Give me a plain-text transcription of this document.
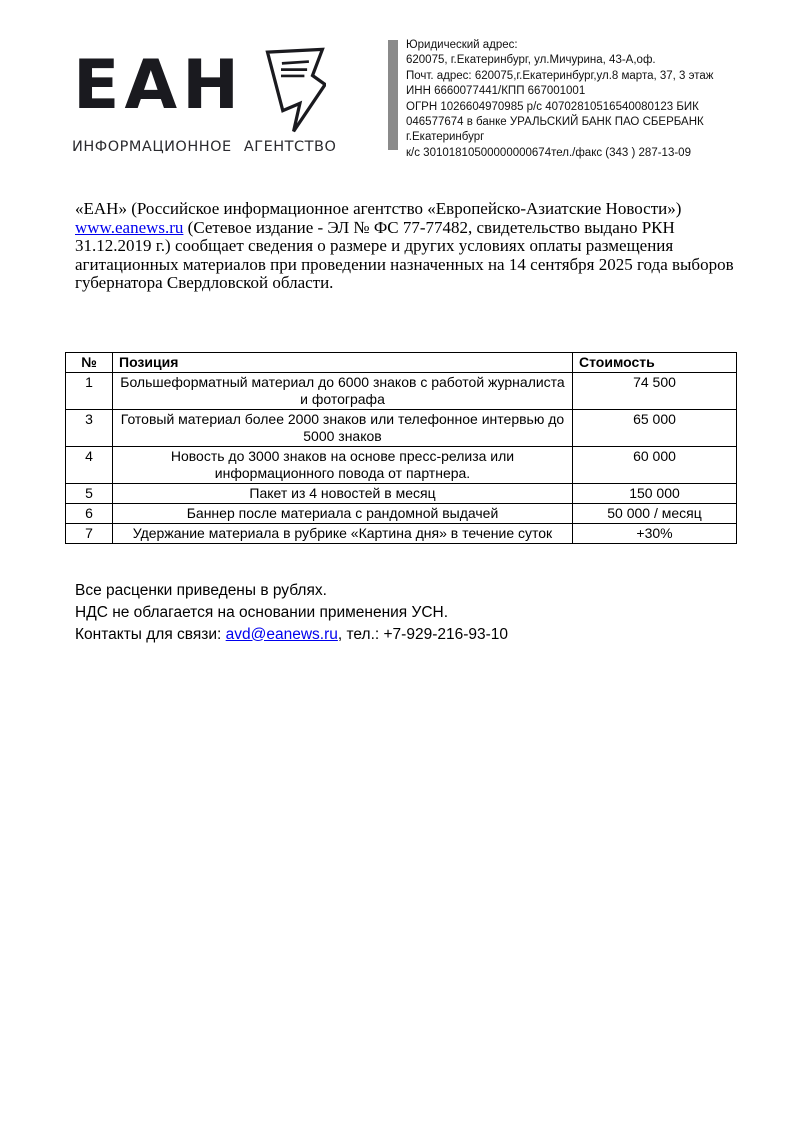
ЕАН
ИНФОРМАЦИОННОЕ АГЕНТСТВО
Юридический адрес:
620075, г.Екатеринбург, ул.Мичурина, 43-А,оф.
Почт. адрес: 620075,г.Екатеринбург,ул.8 марта, 37, 3 этаж
ИНН 6660077441/КПП 667001001
ОГРН 1026604970985 р/с 40702810516540080123 БИК
046577674 в банке УРАЛЬСКИЙ БАНК ПАО СБЕРБАНК
г.Екатеринбург
к/с 30101810500000000674тел./факс (343 ) 287-13-09
«ЕАН» (Российское информационное агентство «Европейско-Азиатские Новости»)
www.eanews.ru (Сетевое издание - ЭЛ № ФС 77-77482, свидетельство выдано РКН
31.12.2019 г.) сообщает сведения о размере и других условиях оплаты размещения
агитационных материалов при проведении назначенных на 14 сентября 2025 года выборов
губернатора Свердловской области.
№	Позиция	Стоимость
1	Большеформатный материал до 6000 знаков с работой журналиста и фотографа	74 500
3	Готовый материал более 2000 знаков или телефонное интервью до 5000 знаков	65 000
4	Новость до 3000 знаков на основе пресс-релиза или информационного повода от партнера.	60 000
5	Пакет из 4 новостей в месяц	150 000
6	Баннер после материала с рандомной выдачей	50 000 / месяц
7	Удержание материала в рубрике «Картина дня» в течение суток	+30%
Все расценки приведены в рублях.
НДС не облагается на основании применения УСН.
Контакты для связи: avd@eanews.ru, тел.: +7-929-216-93-10
